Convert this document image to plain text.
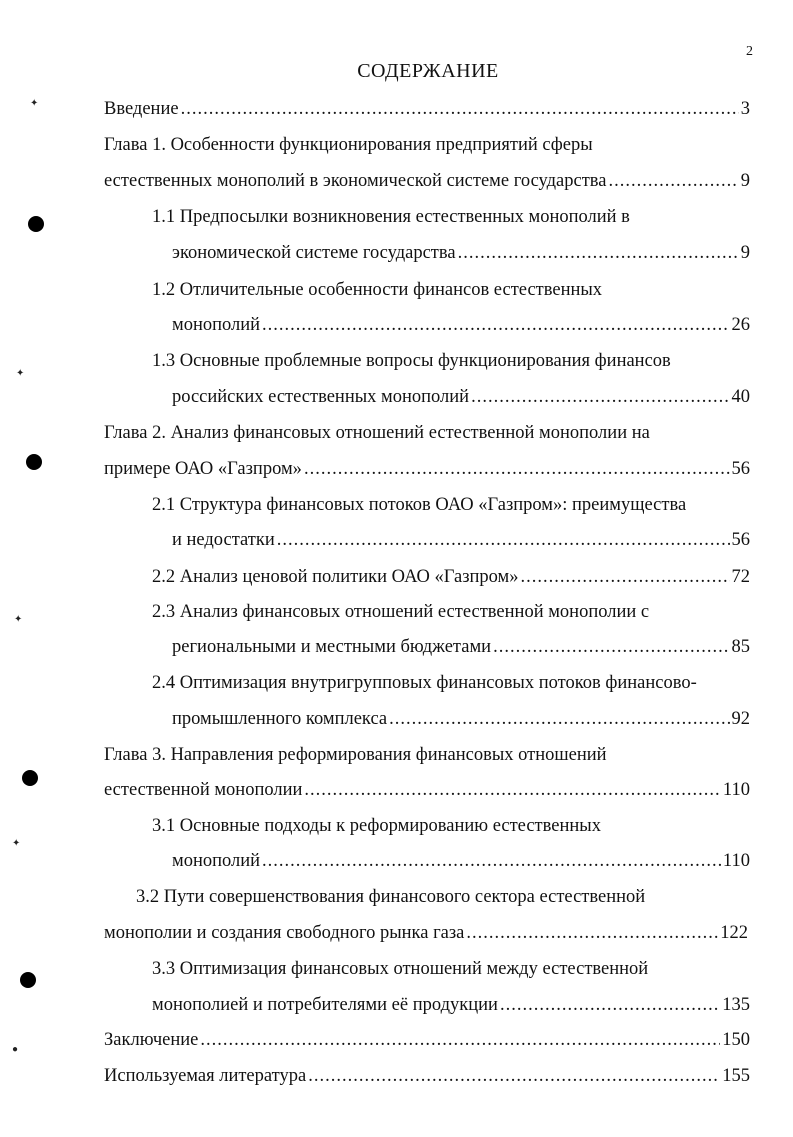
2
СОДЕРЖАНИЕ
✦
✦
✦
✦
●
Введение .....	3
Глава 1. Особенности функционирования предприятий сферы
естественных монополий в экономической системе государства .....	9
1.1 Предпосылки возникновения естественных монополий в
экономической системе государства .....	9
1.2 Отличительные особенности финансов естественных
монополий .....	26
1.3 Основные проблемные вопросы функционирования финансов
российских естественных монополий .....	40
Глава 2. Анализ финансовых отношений естественной монополии на
примере ОАО «Газпром» .....	56
2.1 Структура финансовых потоков ОАО «Газпром»: преимущества
и недостатки .....	56
2.2 Анализ ценовой политики ОАО «Газпром» .....	72
2.3 Анализ финансовых отношений естественной монополии с
региональными и местными бюджетами .....	85
2.4 Оптимизация внутригрупповых финансовых потоков финансово-
промышленного комплекса .....	92
Глава 3. Направления реформирования финансовых отношений
естественной монополии .....	110
3.1 Основные подходы к реформированию естественных
монополий .....	110
3.2 Пути совершенствования финансового сектора естественной
монополии и создания свободного рынка газа .....	122
3.3 Оптимизация финансовых отношений между естественной
монополией и потребителями её продукции .....	135
Заключение .....	150
Используемая литература .....	155
